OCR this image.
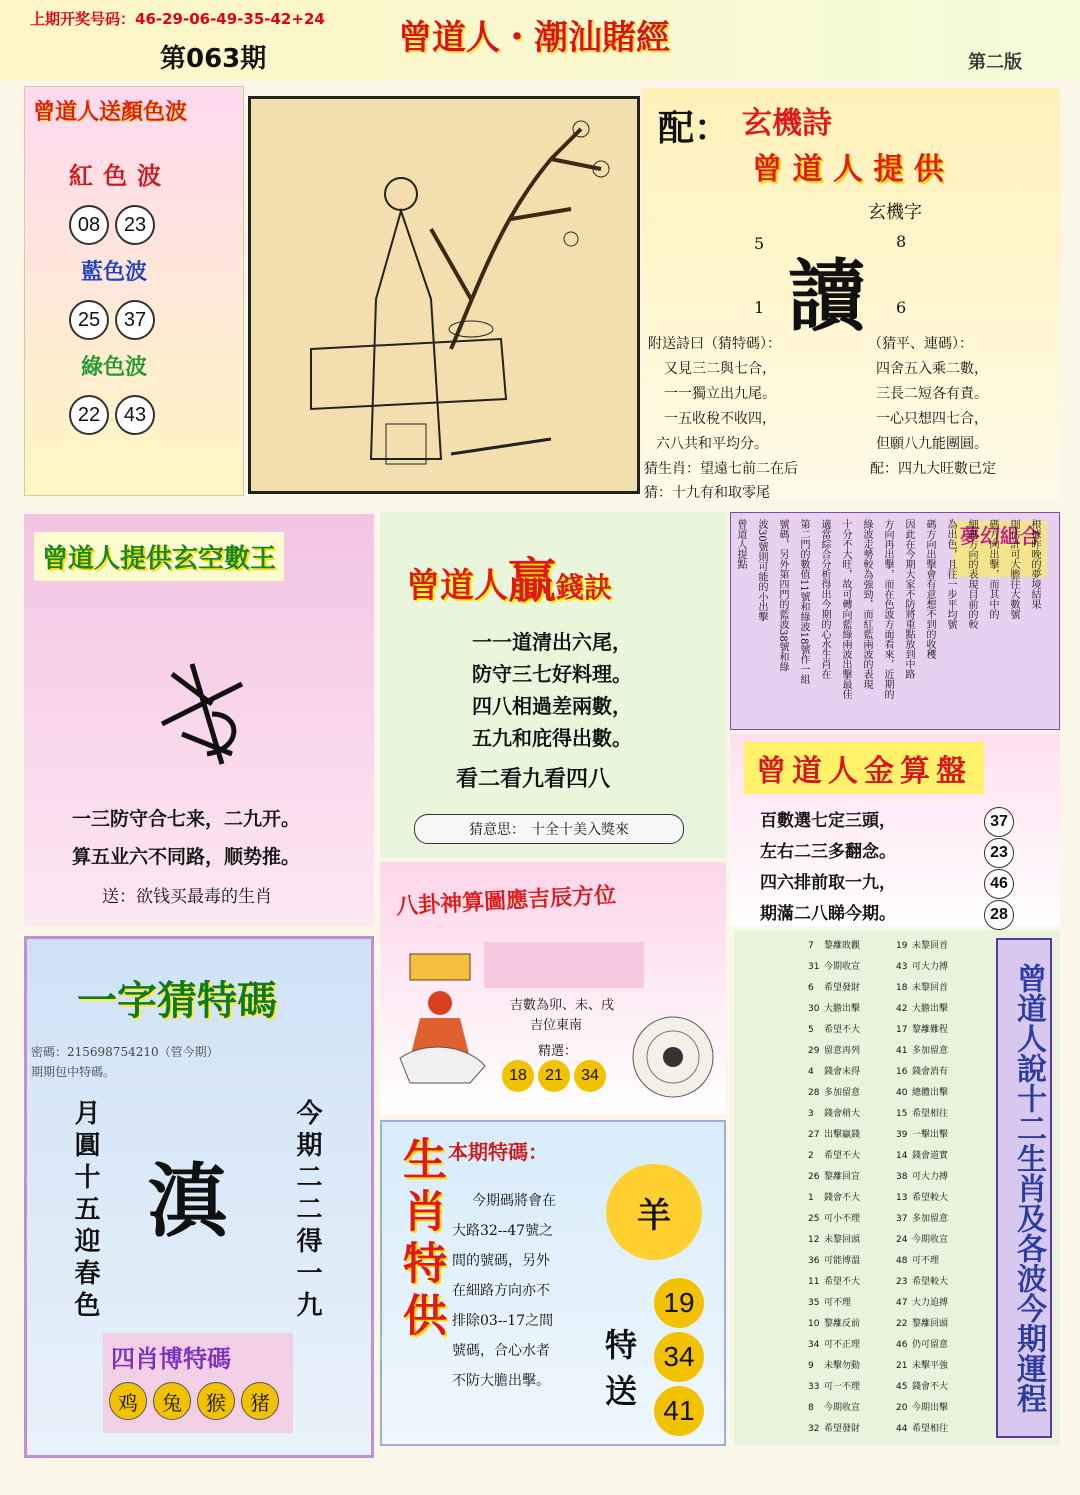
上期开奖号码：46-29-06-49-35-42+24
第063期
曾道人・潮汕賭經
第二版
曾道人送顏色波
紅色波
08 23
藍色波
25 37
綠色波
22 43
配： 玄機詩
曾 道 人 提 供
玄機字
5	8
讀
1	6
附送詩曰（猜特碼）：
又見三二與七合，
一一獨立出九尾。
一五收稅不收四，
六八共和平均分。
（猜平、連碼）：
四舍五入乘二數，
三長二短各有責。
一心只想四七合，
但願八九能團圓。
猜生肖：望遠七前二在后	配：四九大旺數已定
猜：十九有和取零尾
曾道人提供玄空數王
一三防守合七来，二九开。
算五业六不同路，顺势推。
送：欲钱买最毒的生肖
曾道人贏錢訣
一一道清出六尾，
防守三七好料理。
四八相過差兩數，
五九和庇得出數。
看二看九看四八
猜意思： 十全十美入獎來
夢幻組合
根據昨晚的夢境結果
則估計可大膽往大數號
碼方向出擊，而其中的
細碼方向的表現目前的較
為出色，且往一步平均號
碼方向出擊會有意想不到的收穫
因此在今期大家不防將重點放到中路
方向再出擊，而在色波方面看來，近期的
綠波走勢較為強勁，而紅藍兩波的表現
十分不大旺，故可轉向藍綠兩波出擊最佳
適當綜合分析得出今期的心水生肖在
第二門的數值11號和綠波18號作一組
號碼，另外第四門的藍波38號和綠
波30號則可能的小出擊
曾道人提點
曾道人金算盤
百數選七定三頭，	37
左右二三多翻念。	23
四六排前取一九，	46
期滿二八睇今期。	28
八卦神算圖應吉辰方位
吉數為卯、未、戌
吉位東南
精選：
18	21	34
一字猜特碼
密碼：215698754210（管今期）
期期包中特碼。
月圓十五迎春色 滇	今期二二得一九
四肖博特碼
鸡	兔	猴	猪
生肖特供 本期特碼：
今期碼將會在
大路32--47號之
間的號碼，另外
在細路方向亦不
排除03--17之間
號碼，合心水者
不防大膽出擊。
羊
特送
19
34
41
7 黎離敗觀	19 未黎回首
31 今期收宣	43 可大力搏
6 希望發財	18 未黎回首
30 大膽出擊	42 大膽出擊
5 希望不大	17 黎離難程
29 留意再列	41 多加留意
4 錢會未得	16 錢會消有
28 多加留意	40 總體出擊
3 錢會稍大	15 希望相往
27 出擊贏錢	39 一擊出擊
2 希望不大	14 錢會道實
26 黎離回宣	38 可大力搏
1 錢會不大	13 希望較大
25 可小不理	37 多加留意
12 未黎回頭	24 今期收宣
36 可能博溫	48 可不理
11 希望不大	23 希望較大
35 可不理	47 大力追搏
10 黎離反前	22 黎離回頭
34 可不正理	46 仍可留意
9 未擊勿動	21 未擊平強
33 可一不理	45 錢會不大
8 今期收宣	20 今期出擊
32 希望發財	44 希望相往
曾道人說十二生肖及各波今期運程
